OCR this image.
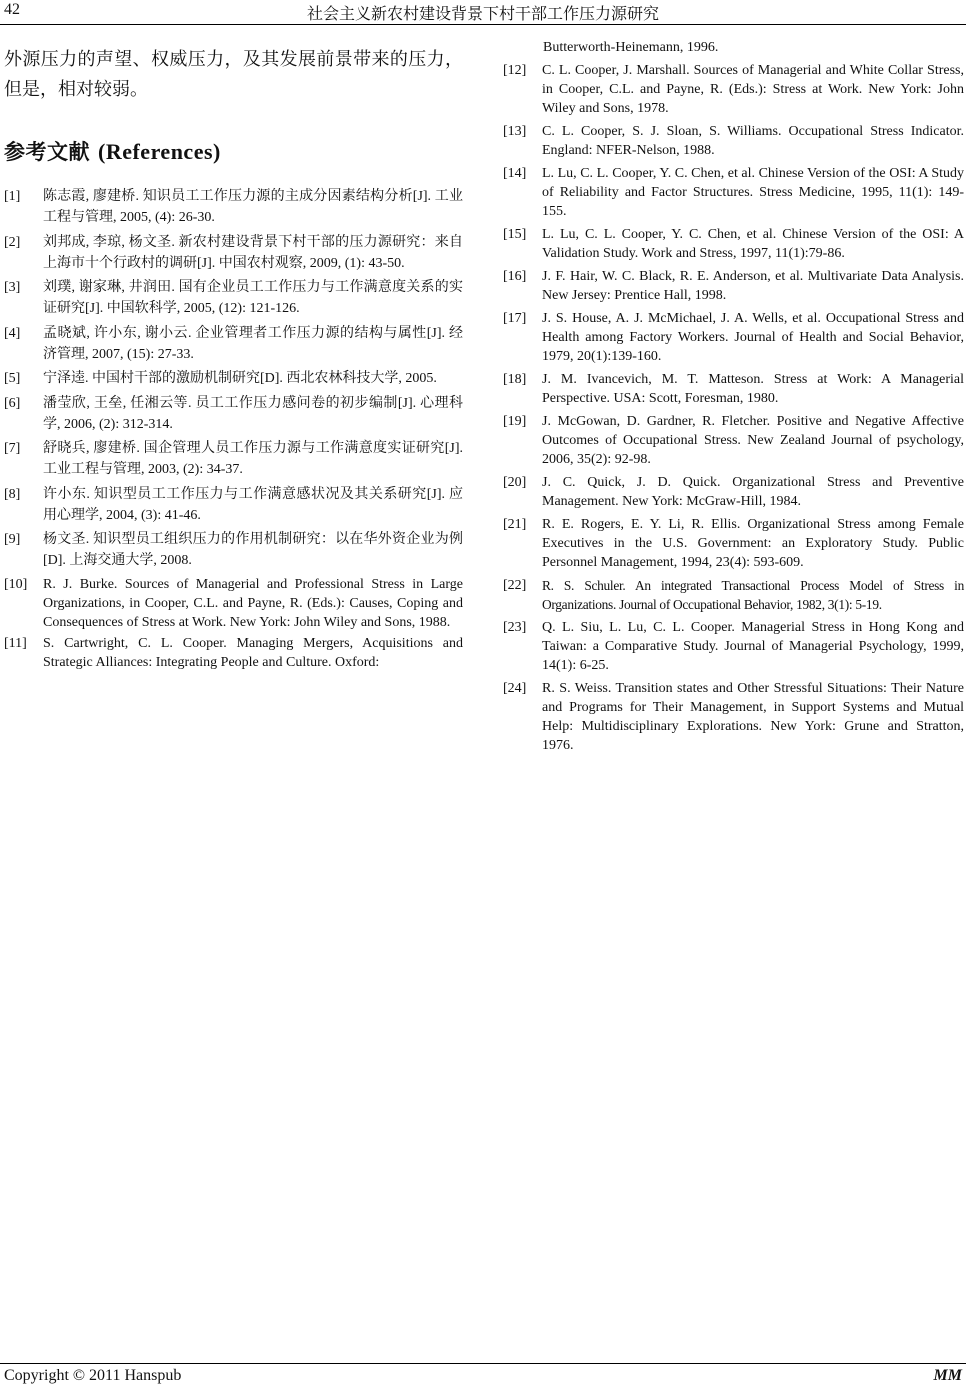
42	社会主义新农村建设背景下村干部工作压力源研究

外源压力的声望、权威压力，及其发展前景带来的压力，但是，相对较弱。

参考文献 (References)
[1]	陈志霞, 廖建桥. 知识员工工作压力源的主成分因素结构分析[J]. 工业工程与管理, 2005, (4): 26-30.
[2]	刘邦成, 李琼, 杨文圣. 新农村建设背景下村干部的压力源研究：来自上海市十个行政村的调研[J]. 中国农村观察, 2009, (1): 43-50.
[3]	刘璞, 谢家琳, 井润田. 国有企业员工工作压力与工作满意度关系的实证研究[J]. 中国软科学, 2005, (12): 121-126.
[4]	孟晓斌, 许小东, 谢小云. 企业管理者工作压力源的结构与属性[J]. 经济管理, 2007, (15): 27-33.
[5]	宁泽逵. 中国村干部的激励机制研究[D]. 西北农林科技大学, 2005.
[6]	潘莹欣, 王垒, 任湘云等. 员工工作压力感问卷的初步编制[J]. 心理科学, 2006, (2): 312-314.
[7]	舒晓兵, 廖建桥. 国企管理人员工作压力源与工作满意度实证研究[J]. 工业工程与管理, 2003, (2): 34-37.
[8]	许小东. 知识型员工工作压力与工作满意感状况及其关系研究[J]. 应用心理学, 2004, (3): 41-46.
[9]	杨文圣. 知识型员工组织压力的作用机制研究：以在华外资企业为例[D]. 上海交通大学, 2008.
[10]	R. J. Burke. Sources of Managerial and Professional Stress in Large Organizations, in Cooper, C.L. and Payne, R. (Eds.): Causes, Coping and Consequences of Stress at Work. New York: John Wiley and Sons, 1988.
[11]	S. Cartwright, C. L. Cooper. Managing Mergers, Acquisitions and Strategic Alliances: Integrating People and Culture. Oxford:
Butterworth-Heinemann, 1996.
[12]	C. L. Cooper, J. Marshall. Sources of Managerial and White Collar Stress, in Cooper, C.L. and Payne, R. (Eds.): Stress at Work. New York: John Wiley and Sons, 1978.
[13]	C. L. Cooper, S. J. Sloan, S. Williams. Occupational Stress Indicator. England: NFER-Nelson, 1988.
[14]	L. Lu, C. L. Cooper, Y. C. Chen, et al. Chinese Version of the OSI: A Study of Reliability and Factor Structures. Stress Medicine, 1995, 11(1): 149-155.
[15]	L. Lu, C. L. Cooper, Y. C. Chen, et al. Chinese Version of the OSI: A Validation Study. Work and Stress, 1997, 11(1):79-86.
[16]	J. F. Hair, W. C. Black, R. E. Anderson, et al. Multivariate Data Analysis. New Jersey: Prentice Hall, 1998.
[17]	J. S. House, A. J. McMichael, J. A. Wells, et al. Occupational Stress and Health among Factory Workers. Journal of Health and Social Behavior, 1979, 20(1):139-160.
[18]	J. M. Ivancevich, M. T. Matteson. Stress at Work: A Managerial Perspective. USA: Scott, Foresman, 1980.
[19]	J. McGowan, D. Gardner, R. Fletcher. Positive and Negative Affective Outcomes of Occupational Stress. New Zealand Journal of psychology, 2006, 35(2): 92-98.
[20]	J. C. Quick, J. D. Quick. Organizational Stress and Preventive Management. New York: McGraw-Hill, 1984.
[21]	R. E. Rogers, E. Y. Li, R. Ellis. Organizational Stress among Female Executives in the U.S. Government: an Exploratory Study. Public Personnel Management, 1994, 23(4): 593-609.
[22]	R. S. Schuler. An integrated Transactional Process Model of Stress in Organizations. Journal of Occupational Behavior, 1982, 3(1): 5-19.
[23]	Q. L. Siu, L. Lu, C. L. Cooper. Managerial Stress in Hong Kong and Taiwan: a Comparative Study. Journal of Managerial Psychology, 1999, 14(1): 6-25.
[24]	R. S. Weiss. Transition states and Other Stressful Situations: Their Nature and Programs for Their Management, in Support Systems and Mutual Help: Multidisciplinary Explorations. New York: Grune and Stratton, 1976.
Copyright © 2011 Hanspub	MM
